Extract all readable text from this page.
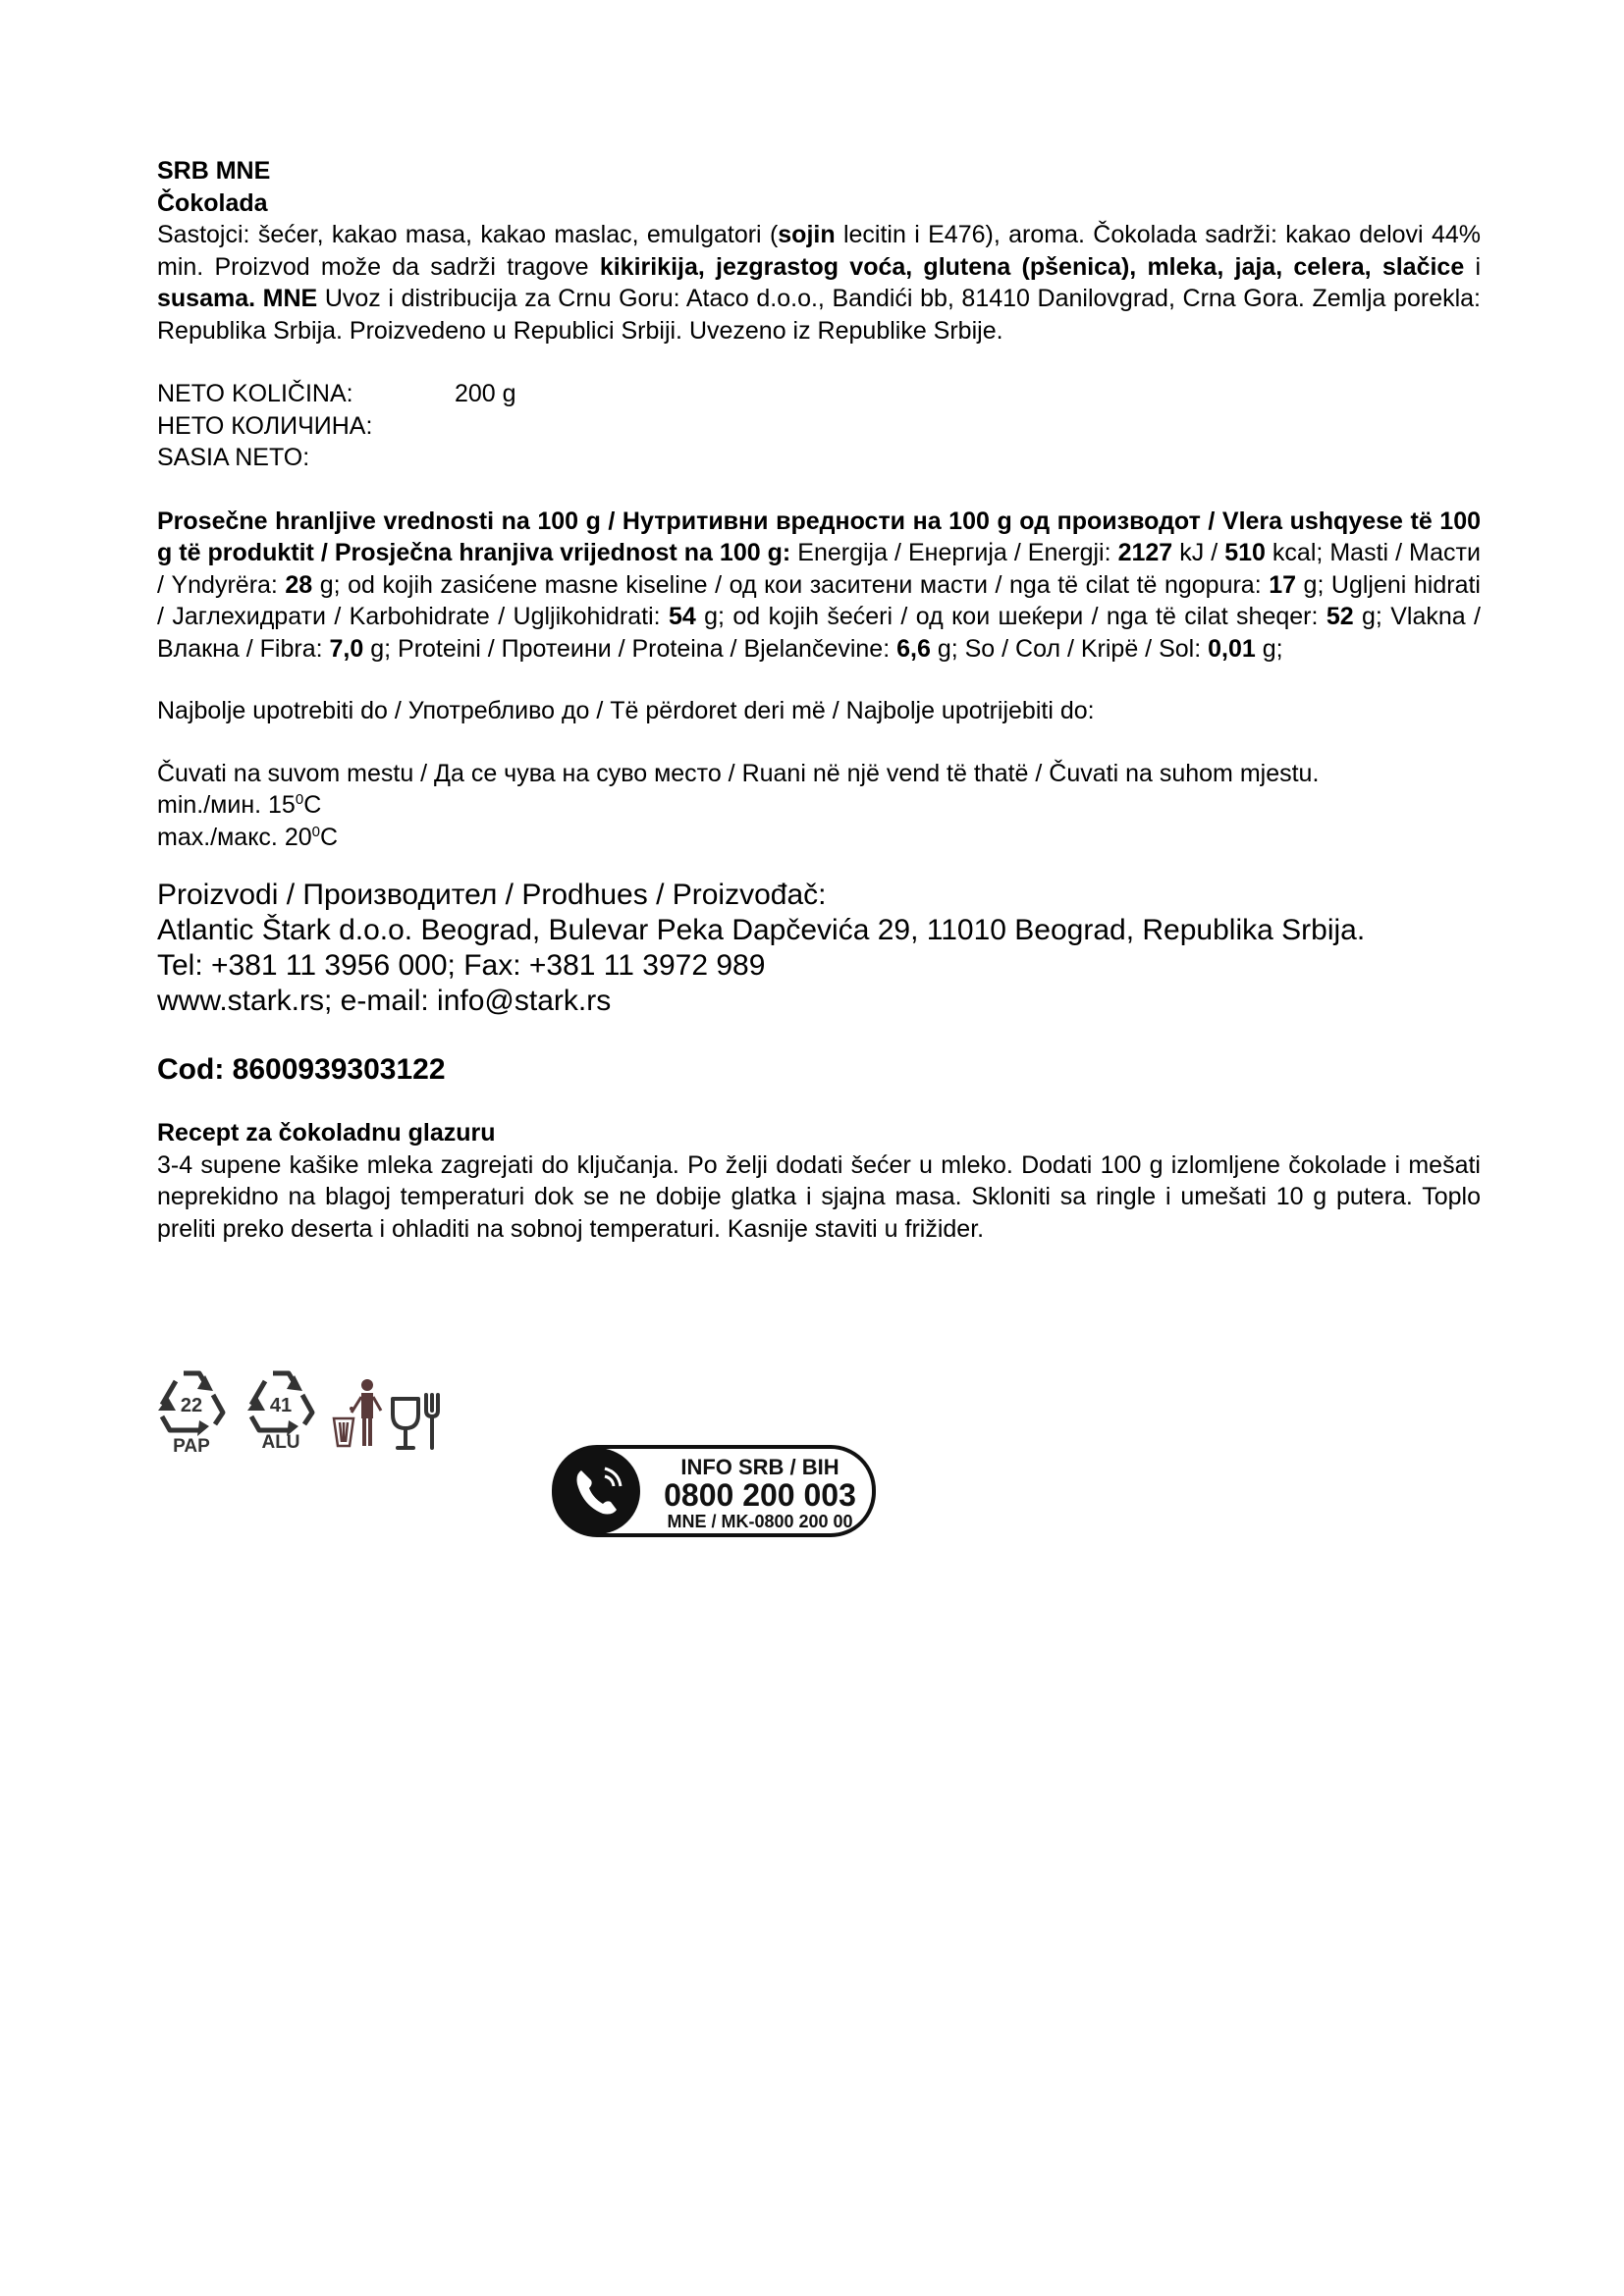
SRB MNE

Čokolada

Sastojci: šećer, kakao masa, kakao maslac, emulgatori (sojin lecitin i E476), aroma. Čokolada sadrži: kakao delovi 44% min. Proizvod može da sadrži tragove kikirikija, jezgrastog voća, glutena (pšenica), mleka, jaja, celera, slačice i susama. MNE Uvoz i distribucija za Crnu Goru: Ataco d.o.o., Bandići bb, 81410 Danilovgrad, Crna Gora. Zemlja porekla: Republika Srbija. Proizvedeno u Republici Srbiji. Uvezeno iz Republike Srbije.

NETO KOLIČINA:	200 g
НЕТО КОЛИЧИНА:
SASIA NETO:

Prosečne hranljive vrednosti na 100 g / Нутритивни вредности на 100 g од производот / Vlera ushqyese të 100 g të produktit / Prosječna hranjiva vrijednost na 100 g: Energija / Енергија / Energji: 2127 kJ / 510 kcal; Masti / Масти / Yndyrëra: 28 g; od kojih zasićene masne kiseline / од кои заситени масти / nga të cilat të ngopura: 17 g; Ugljeni hidrati / Јаглехидрати / Karbohidrate / Ugljikohidrati: 54 g; od kojih šećeri / од кои шеќери / nga të cilat sheqer: 52 g; Vlakna / Влакна / Fibra: 7,0 g; Proteini / Протеини / Proteina / Bjelančevine: 6,6 g; So / Сол / Kripë / Sol: 0,01 g;

Najbolje upotrebiti do / Употребливо до / Të përdoret deri më / Najbolje upotrijebiti do:

Čuvati na suvom mestu / Да се чува на суво место / Ruani në një vend të thatë / Čuvati na suhom mjestu.

min./мин. $15^0C$

max./макс. $20^0C$

Proizvodi / Производител / Prodhues / Proizvođač:

Atlantic Štark d.o.o. Beograd, Bulevar Peka Dapčevića 29, 11010 Beograd, Republika Srbija.

Tel: +381 11 3956 000; Fax: +381 11 3972 989

www.stark.rs; e-mail: info@stark.rs

Cod: 8600939303122

Recept za čokoladnu glazuru

3-4 supene kašike mleka zagrejati do ključanja. Po želji dodati šećer u mleko. Dodati 100 g izlomljene čokolade i mešati neprekidno na blagoj temperaturi dok se ne dobije glatka i sjajna masa. Skloniti sa ringle i umešati 10 g putera. Toplo preliti preko deserta i ohladiti na sobnoj temperaturi. Kasnije staviti u frižider.

22
PAP
41
ALU
INFO SRB / BIH
0800 200 003
MNE / MK-0800 200 00
